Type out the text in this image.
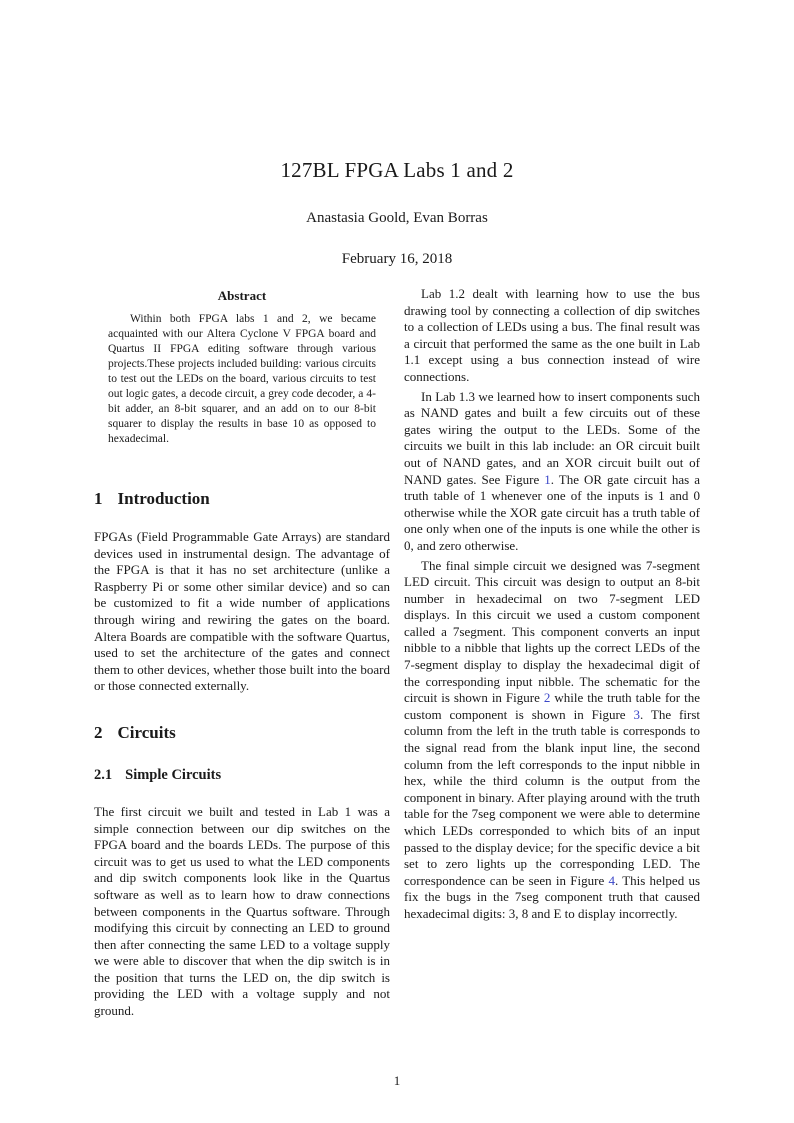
127BL FPGA Labs 1 and 2
Anastasia Goold, Evan Borras
February 16, 2018
Abstract

Within both FPGA labs 1 and 2, we became acquainted with our Altera Cyclone V FPGA board and Quartus II FPGA editing software through various projects.These projects included building: various circuits to test out the LEDs on the board, various circuits to test out logic gates, a decode circuit, a grey code decoder, a 4-bit adder, an 8-bit squarer, and an add on to our 8-bit squarer to display the results in base 10 as opposed to hexadecimal.

1 Introduction

FPGAs (Field Programmable Gate Arrays) are standard devices used in instrumental design. The advantage of the FPGA is that it has no set architecture (unlike a Raspberry Pi or some other similar device) and so can be customized to fit a wide number of applications through wiring and rewiring the gates on the board. Altera Boards are compatible with the software Quartus, used to set the architecture of the gates and connect them to other devices, whether those built into the board or those connected externally.

2 Circuits
2.1 Simple Circuits

The first circuit we built and tested in Lab 1 was a simple connection between our dip switches on the FPGA board and the boards LEDs. The purpose of this circuit was to get us used to what the LED components and dip switch components look like in the Quartus software as well as to learn how to draw connections between components in the Quartus software. Through modifying this circuit by connecting an LED to ground then after connecting the same LED to a voltage supply we were able to discover that when the dip switch is in the position that turns the LED on, the dip switch is providing the LED with a voltage supply and not ground.

Lab 1.2 dealt with learning how to use the bus drawing tool by connecting a collection of dip switches to a collection of LEDs using a bus. The final result was a circuit that performed the same as the one built in Lab 1.1 except using a bus connection instead of wire connections.

In Lab 1.3 we learned how to insert components such as NAND gates and built a few circuits out of these gates wiring the output to the LEDs. Some of the circuits we built in this lab include: an OR circuit built out of NAND gates, and an XOR circuit built out of NAND gates. See Figure 1. The OR gate circuit has a truth table of 1 whenever one of the inputs is 1 and 0 otherwise while the XOR gate circuit has a truth table of one only when one of the inputs is one while the other is 0, and zero otherwise.

The final simple circuit we designed was 7-segment LED circuit. This circuit was design to output an 8-bit number in hexadecimal on two 7-segment LED displays. In this circuit we used a custom component called a 7segment. This component converts an input nibble to a nibble that lights up the correct LEDs of the 7-segment display to display the hexadecimal digit of the corresponding input nibble. The schematic for the circuit is shown in Figure 2 while the truth table for the custom component is shown in Figure 3. The first column from the left in the truth table is corresponds to the signal read from the blank input line, the second column from the left corresponds to the input nibble in hex, while the third column is the output from the component in binary. After playing around with the truth table for the 7seg component we were able to determine which LEDs corresponded to which bits of an input passed to the display device; for the specific device a bit set to zero lights up the corresponding LED. The correspondence can be seen in Figure 4. This helped us fix the bugs in the 7seg component truth that caused hexadecimal digits: 3, 8 and E to display incorrectly.

1
